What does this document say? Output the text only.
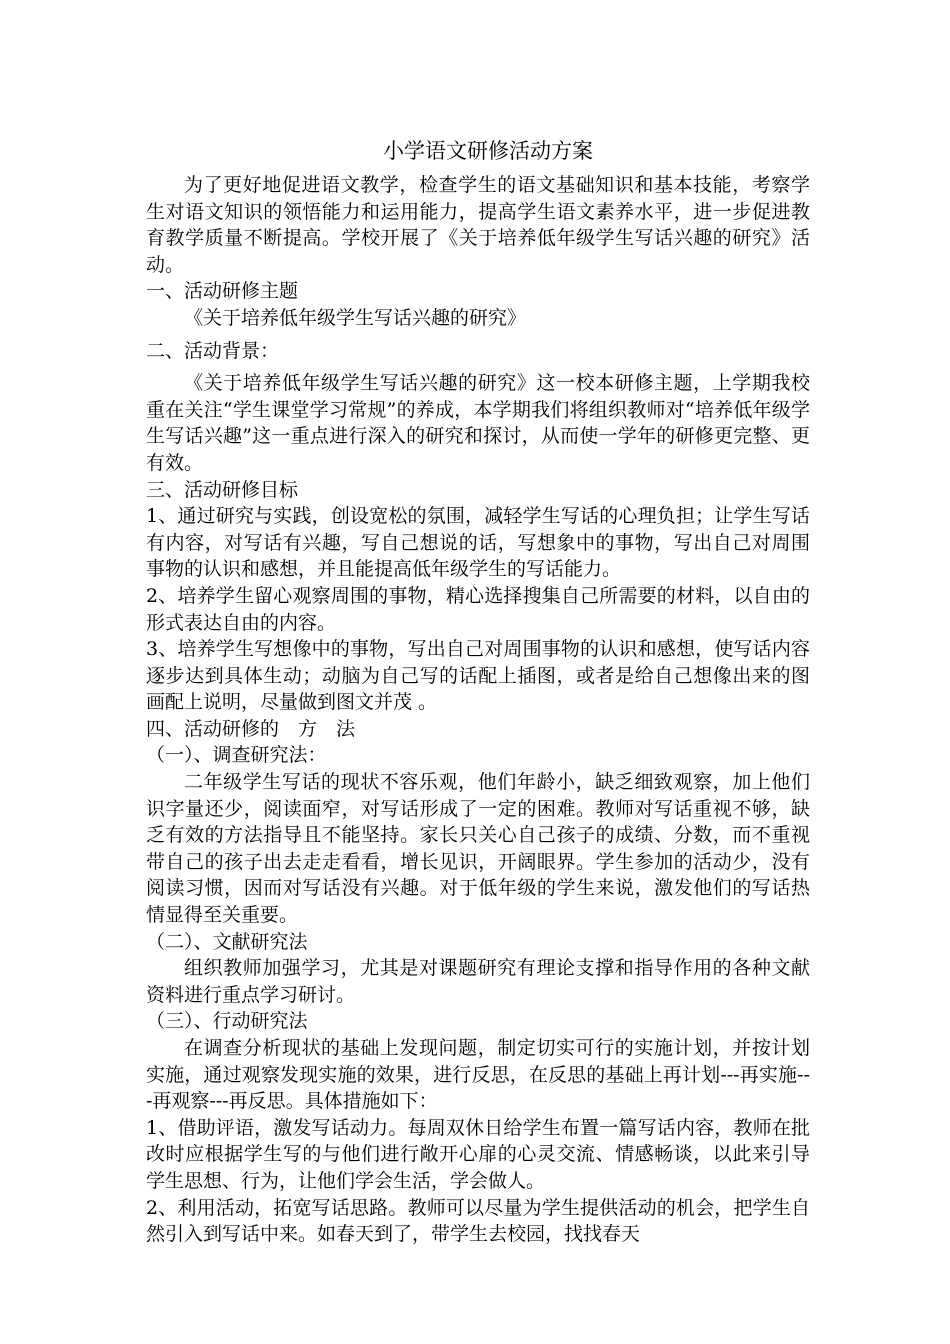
小学语文研修活动方案

为了更好地促进语文教学，检查学生的语文基础知识和基本技能，考察学生对语文知识的领悟能力和运用能力，提高学生语文素养水平，进一步促进教育教学质量不断提高。学校开展了《关于培养低年级学生写话兴趣的研究》活动。

一、活动研修主题

《关于培养低年级学生写话兴趣的研究》

二、活动背景：

《关于培养低年级学生写话兴趣的研究》这一校本研修主题，上学期我校重在关注“学生课堂学习常规”的养成，本学期我们将组织教师对“培养低年级学生写话兴趣”这一重点进行深入的研究和探讨，从而使一学年的研修更完整、更有效。

三、活动研修目标

1、通过研究与实践，创设宽松的氛围，减轻学生写话的心理负担；让学生写话有内容，对写话有兴趣，写自己想说的话，写想象中的事物，写出自己对周围事物的认识和感想，并且能提高低年级学生的写话能力。

2、培养学生留心观察周围的事物，精心选择搜集自己所需要的材料，以自由的形式表达自由的内容。

3、培养学生写想像中的事物，写出自己对周围事物的认识和感想，使写话内容逐步达到具体生动；动脑为自己写的话配上插图，或者是给自己想像出来的图画配上说明，尽量做到图文并茂 。

四、活动研修的　方　法

（一）、调查研究法：

二年级学生写话的现状不容乐观，他们年龄小，缺乏细致观察，加上他们识字量还少，阅读面窄，对写话形成了一定的困难。教师对写话重视不够，缺乏有效的方法指导且不能坚持。家长只关心自己孩子的成绩、分数，而不重视带自己的孩子出去走走看看，增长见识，开阔眼界。学生参加的活动少，没有阅读习惯，因而对写话没有兴趣。对于低年级的学生来说，激发他们的写话热情显得至关重要。

（二）、文献研究法

组织教师加强学习，尤其是对课题研究有理论支撑和指导作用的各种文献资料进行重点学习研讨。

（三）、行动研究法

在调查分析现状的基础上发现问题，制定切实可行的实施计划，并按计划实施，通过观察发现实施的效果，进行反思，在反思的基础上再计划---再实施---再观察---再反思。具体措施如下：

1、借助评语，激发写话动力。每周双休日给学生布置一篇写话内容，教师在批改时应根据学生写的与他们进行敞开心扉的心灵交流、情感畅谈，以此来引导学生思想、行为，让他们学会生活，学会做人。

2、利用活动，拓宽写话思路。教师可以尽量为学生提供活动的机会，把学生自然引入到写话中来。如春天到了，带学生去校园，找找春天
